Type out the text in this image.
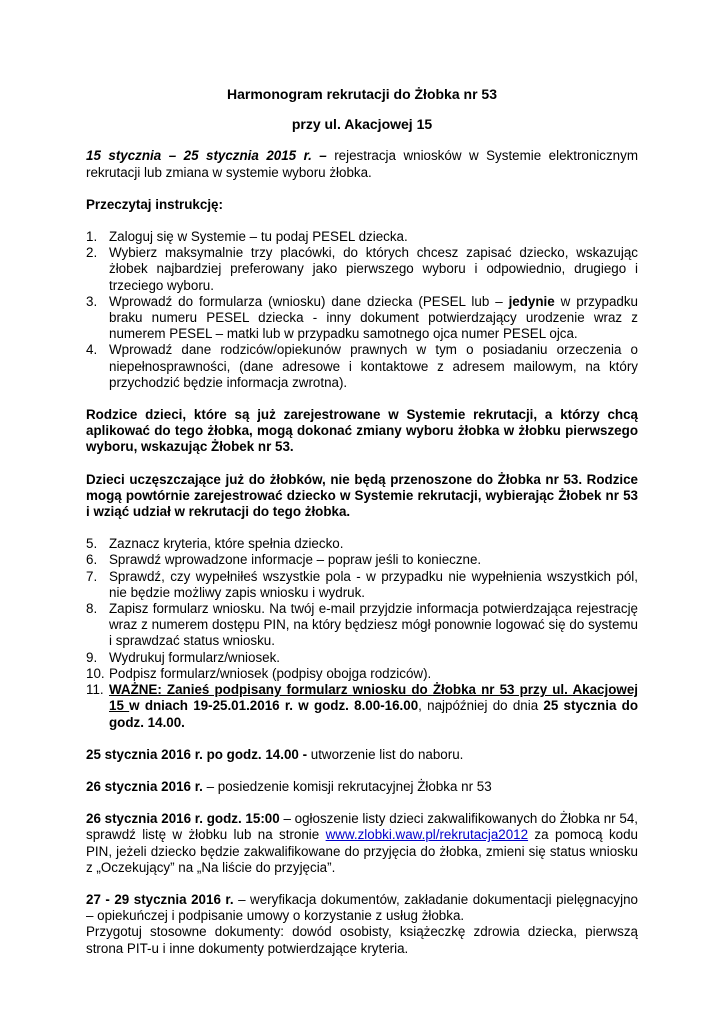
Harmonogram rekrutacji do Żłobka nr 53

przy ul. Akacjowej 15

15 stycznia – 25 stycznia 2015 r. – rejestracja wniosków w Systemie elektronicznym rekrutacji lub zmiana w systemie wyboru żłobka.

Przeczytaj instrukcję:

1. Zaloguj się w Systemie – tu podaj PESEL dziecka.
2. Wybierz maksymalnie trzy placówki, do których chcesz zapisać dziecko, wskazując żłobek najbardziej preferowany jako pierwszego wyboru i odpowiednio, drugiego i trzeciego wyboru.
3. Wprowadź do formularza (wniosku) dane dziecka (PESEL lub – jedynie w przypadku braku numeru PESEL dziecka - inny dokument potwierdzający urodzenie wraz z numerem PESEL – matki lub w przypadku samotnego ojca numer PESEL ojca.
4. Wprowadź dane rodziców/opiekunów prawnych w tym o posiadaniu orzeczenia o niepełnosprawności, (dane adresowe i kontaktowe z adresem mailowym, na który przychodzić będzie informacja zwrotna).

Rodzice dzieci, które są już zarejestrowane w Systemie rekrutacji, a którzy chcą aplikować do tego żłobka, mogą dokonać zmiany wyboru żłobka w żłobku pierwszego wyboru, wskazując Żłobek nr 53.

Dzieci uczęszczające już do żłobków, nie będą przenoszone do Żłobka nr 53. Rodzice mogą powtórnie zarejestrować dziecko w Systemie rekrutacji, wybierając Żłobek nr 53 i wziąć udział w rekrutacji do tego żłobka.

5. Zaznacz kryteria, które spełnia dziecko.
6. Sprawdź wprowadzone informacje – popraw jeśli to konieczne.
7. Sprawdź, czy wypełniłeś wszystkie pola - w przypadku nie wypełnienia wszystkich pól, nie będzie możliwy zapis wniosku i wydruk.
8. Zapisz formularz wniosku. Na twój e-mail przyjdzie informacja potwierdzająca rejestrację wraz z numerem dostępu PIN, na który będziesz mógł ponownie logować się do systemu i sprawdzać status wniosku.
9. Wydrukuj formularz/wniosek.
10. Podpisz formularz/wniosek (podpisy obojga rodziców).
11. WAŻNE: Zanieś podpisany formularz wniosku do Żłobka nr 53 przy ul. Akacjowej 15 w dniach 19-25.01.2016 r. w godz. 8.00-16.00, najpóźniej do dnia 25 stycznia do godz. 14.00.

25 stycznia 2016 r. po godz. 14.00 - utworzenie list do naboru.

26 stycznia 2016 r. – posiedzenie komisji rekrutacyjnej Żłobka nr 53

26 stycznia 2016 r. godz. 15:00 – ogłoszenie listy dzieci zakwalifikowanych do Żłobka nr 54, sprawdź listę w żłobku lub na stronie www.zlobki.waw.pl/rekrutacja2012 za pomocą kodu PIN, jeżeli dziecko będzie zakwalifikowane do przyjęcia do żłobka, zmieni się status wniosku z „Oczekujący” na „Na liście do przyjęcia”.

27 - 29 stycznia 2016 r. – weryfikacja dokumentów, zakładanie dokumentacji pielęgnacyjno – opiekuńczej i podpisanie umowy o korzystanie z usług żłobka.

Przygotuj stosowne dokumenty: dowód osobisty, książeczkę zdrowia dziecka, pierwszą strona PIT-u i inne dokumenty potwierdzające kryteria.
